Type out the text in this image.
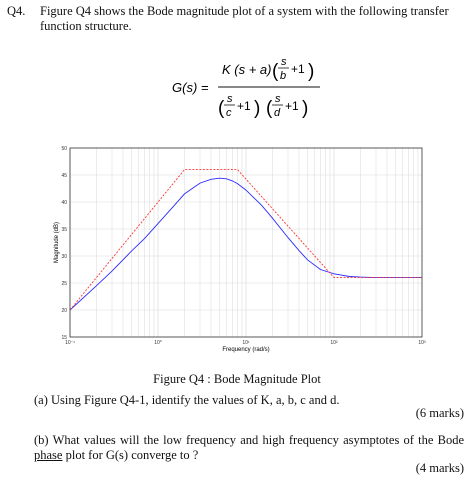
Q4. Figure Q4 shows the Bode magnitude plot of a system with the following transfer function structure.
G(s) =
K (s + a) ( s
b +1 )
( s
c +1 ) ( s
d +1 )
15
20
25
30
35
40
45
50
10⁻¹	10⁰	10¹	10²	10³
Frequency (rad/s)
Magnitude (dB)
Figure Q4 : Bode Magnitude Plot
(a) Using Figure Q4-1, identify the values of K, a, b, c and d.
(6 marks)
(b) What values will the low frequency and high frequency asymptotes of the Bode phase plot for G(s) converge to ?
(4 marks)
